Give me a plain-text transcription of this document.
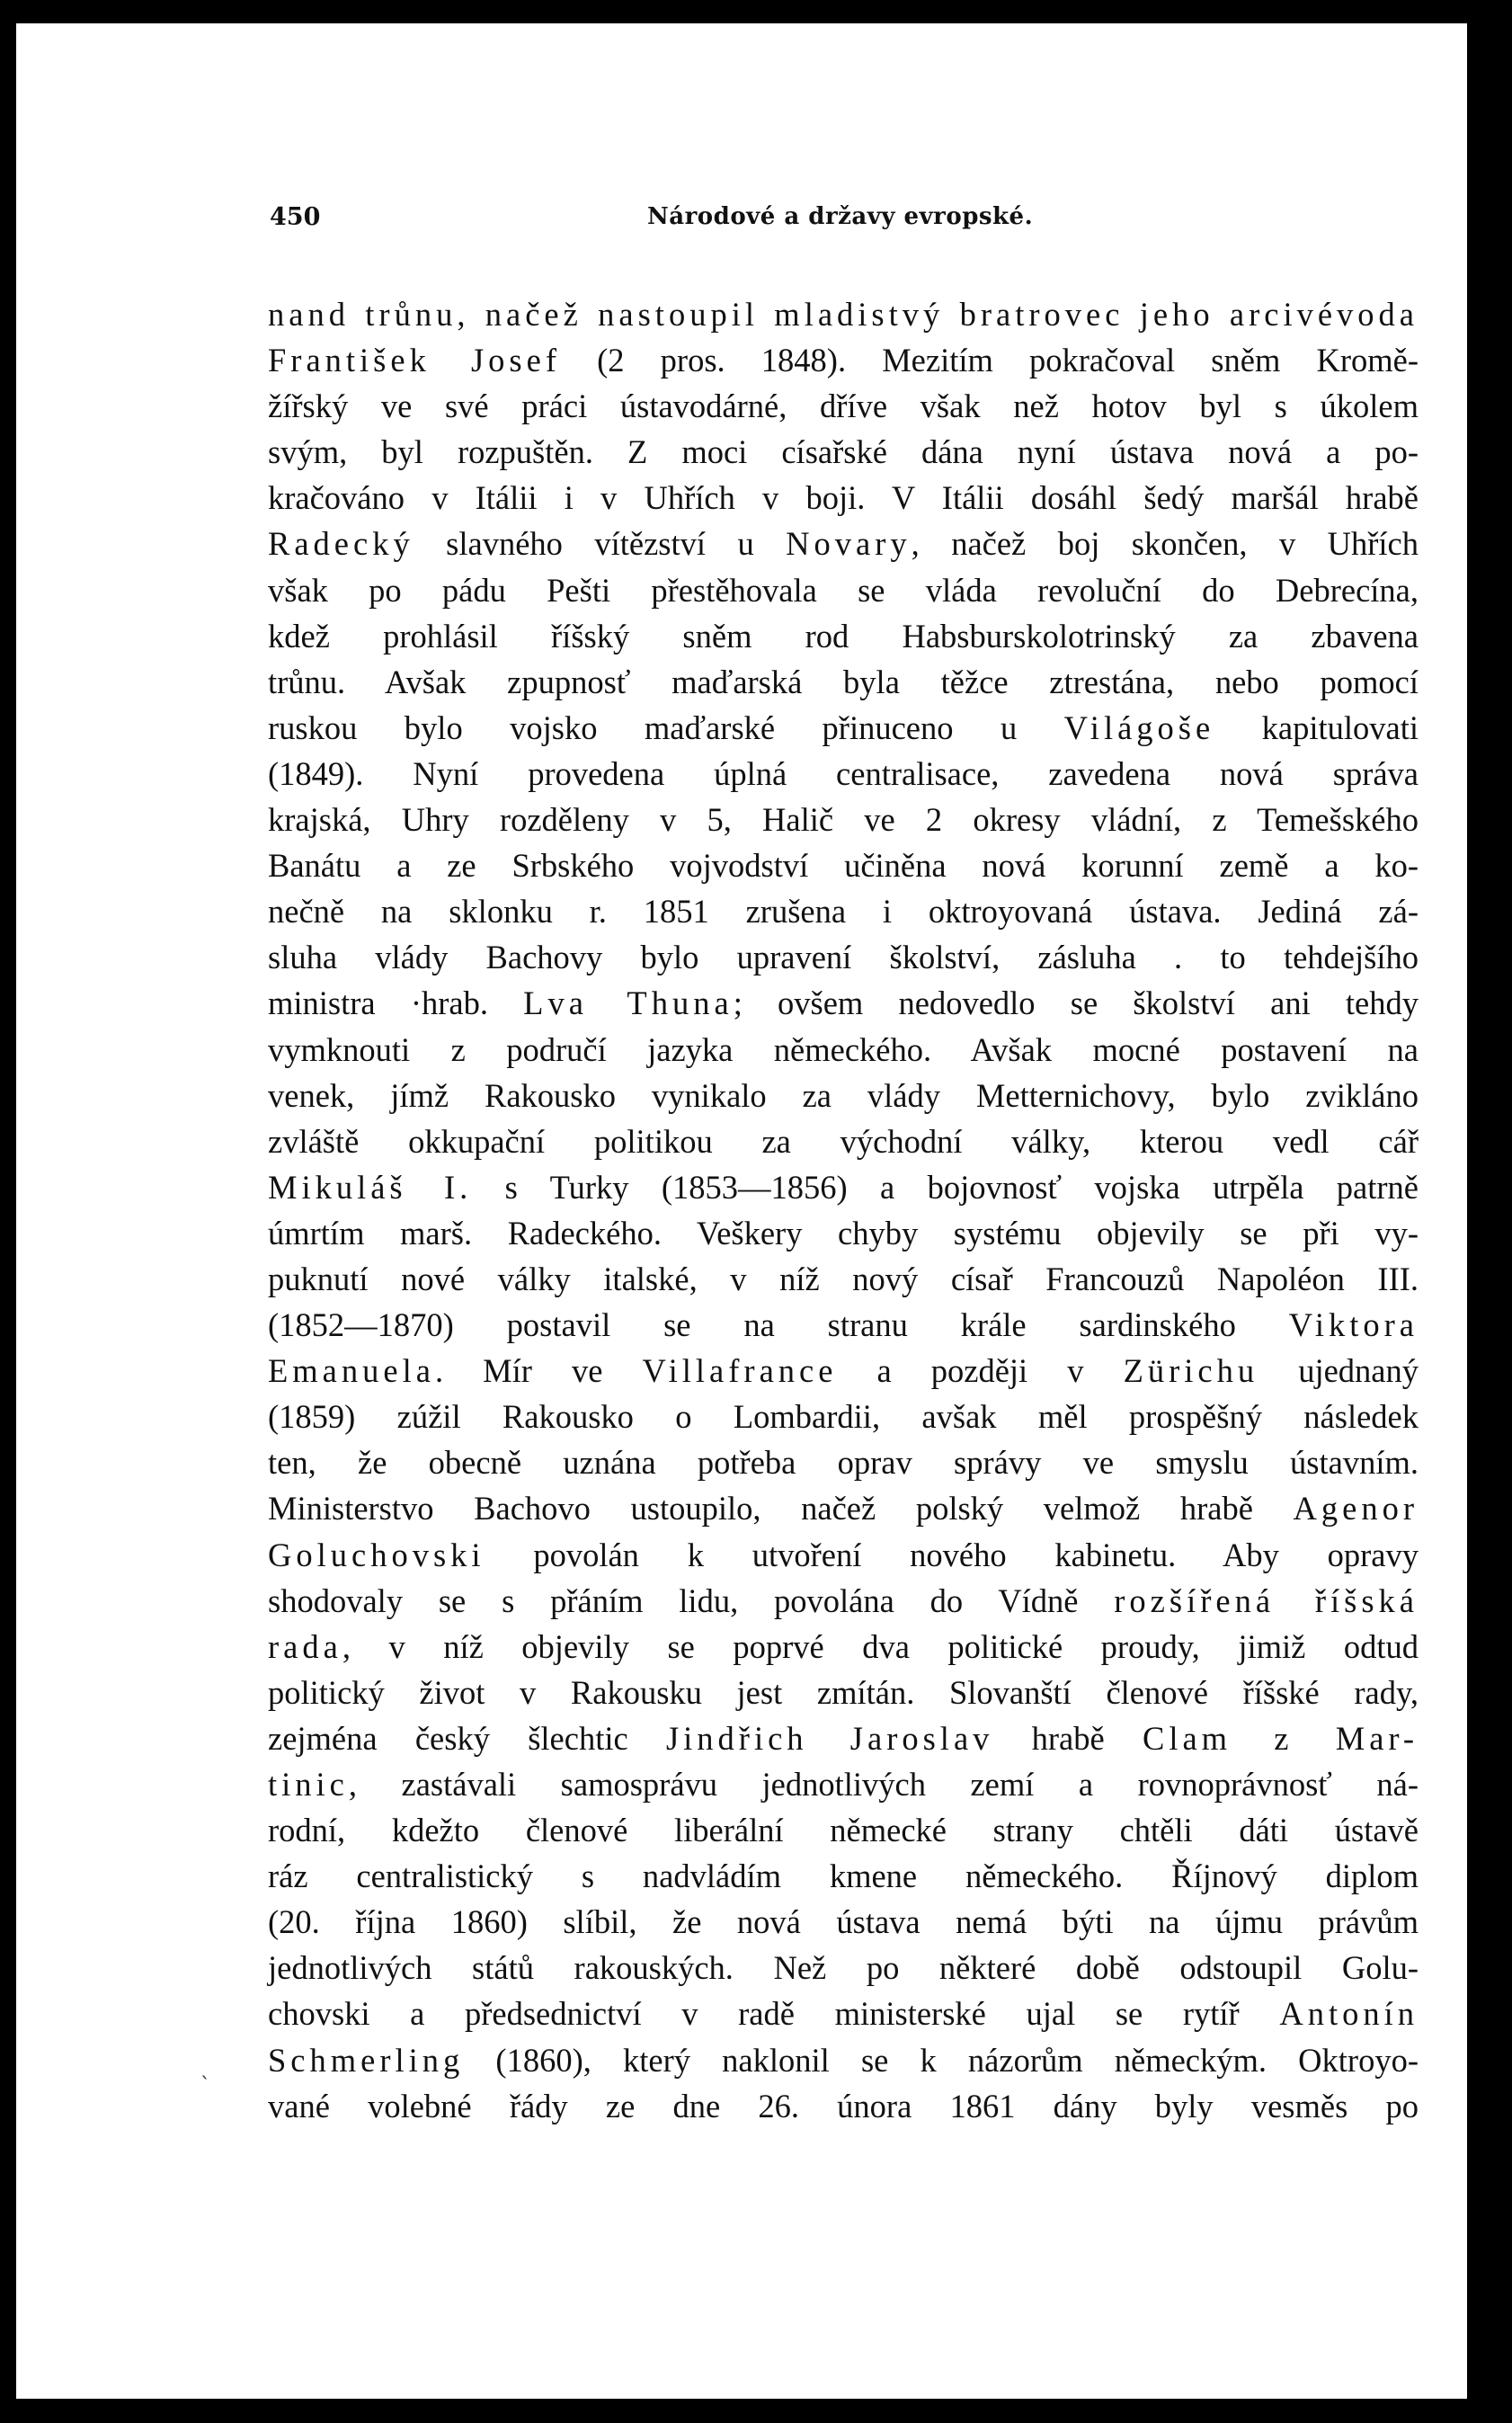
450	Národové a državy evropské.
nand trůnu, načež nastoupil mladistvý bratrovec jeho arcivévoda
František Josef (2 pros. 1848). Mezitím pokračoval sněm Kromě-
žířský ve své práci ústavodárné, dříve však než hotov byl s úkolem
svým, byl rozpuštěn. Z moci císařské dána nyní ústava nová a po-
kračováno v Itálii i v Uhřích v boji. V Itálii dosáhl šedý maršál hrabě
Radecký slavného vítězství u Novary, načež boj skončen, v Uhřích
však po pádu Pešti přestěhovala se vláda revoluční do Debrecína,
kdež prohlásil říšský sněm rod Habsburskolotrinský za zbavena
trůnu. Avšak zpupnosť maďarská byla těžce ztrestána, nebo pomocí
ruskou bylo vojsko maďarské přinuceno u Világoše kapitulovati
(1849). Nyní provedena úplná centralisace, zavedena nová správa
krajská, Uhry rozděleny v 5, Halič ve 2 okresy vládní, z Temešského
Banátu a ze Srbského vojvodství učiněna nová korunní země a ko-
nečně na sklonku r. 1851 zrušena i oktroyovaná ústava. Jediná zá-
sluha vlády Bachovy bylo upravení školství, zásluha . to tehdejšího
ministra ·hrab. Lva Thuna; ovšem nedovedlo se školství ani tehdy
vymknouti z područí jazyka německého. Avšak mocné postavení na
venek, jímž Rakousko vynikalo za vlády Metternichovy, bylo zvikláno
zvláště okkupační politikou za východní války, kterou vedl cář
Mikuláš I. s Turky (1853—1856) a bojovnosť vojska utrpěla patrně
úmrtím marš. Radeckého. Veškery chyby systému objevily se při vy-
puknutí nové války italské, v níž nový císař Francouzů Napoléon III.
(1852—1870) postavil se na stranu krále sardinského Viktora
Emanuela. Mír ve Villafrance a později v Zürichu ujednaný
(1859) zúžil Rakousko o Lombardii, avšak měl prospěšný následek
ten, že obecně uznána potřeba oprav správy ve smyslu ústavním.
Ministerstvo Bachovo ustoupilo, načež polský velmož hrabě Agenor
Goluchovski povolán k utvoření nového kabinetu. Aby opravy
shodovaly se s přáním lidu, povolána do Vídně rozšířená říšská
rada, v níž objevily se poprvé dva politické proudy, jimiž odtud
politický život v Rakousku jest zmítán. Slovanští členové říšské rady,
zejména český šlechtic Jindřich Jaroslav hrabě Clam z Mar-
tinic, zastávali samosprávu jednotlivých zemí a rovnoprávnosť ná-
rodní, kdežto členové liberální německé strany chtěli dáti ústavě
ráz centralistický s nadvládím kmene německého. Říjnový diplom
(20. října 1860) slíbil, že nová ústava nemá býti na újmu právům
jednotlivých států rakouských. Než po některé době odstoupil Golu-
chovski a předsednictví v radě ministerské ujal se rytíř Antonín
Schmerling (1860), který naklonil se k názorům německým. Oktroyo-
vané volebné řády ze dne 26. února 1861 dány byly vesměs po
ˎ
